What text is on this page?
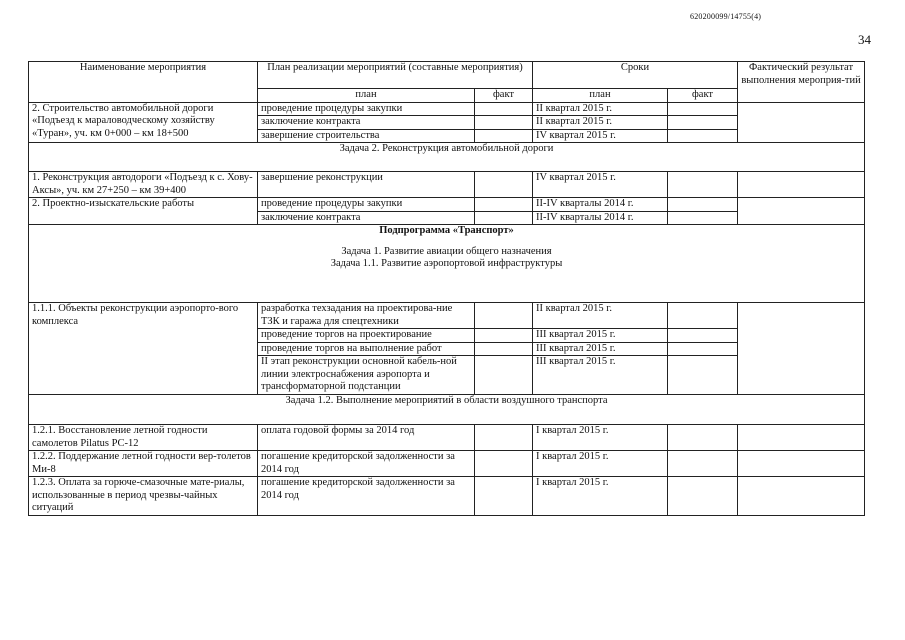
620200099/14755(4)
34
Наименование мероприятия	План реализации мероприятий (составные мероприятия)		Сроки		Фактический результат выполнения мероприя-тий
	план	факт	план	факт	
2. Строительство автомобильной дороги «Подъезд к мараловодческому хозяйству «Туран», уч. км 0+000 – км 18+500	проведение процедуры закупки		II квартал 2015 г.		
	заключение контракта		II квартал 2015 г.		
	завершение строительства		IV квартал 2015 г.		
Задача 2. Реконструкция автомобильной дороги					
1. Реконструкция автодороги «Подъезд к с. Хову-Аксы», уч. км 27+250 – км 39+400	завершение реконструкции		IV квартал 2015 г.		
2. Проектно-изыскательские работы	проведение процедуры закупки		II-IV кварталы 2014 г.		
	заключение контракта		II-IV кварталы 2014 г.		

Подпрограмма «Транспорт»
Задача 1. Развитие авиации общего назначения
Задача 1.1. Развитие аэропортовой инфраструктуры					

1.1.1. Объекты реконструкции аэропорто-вого комплекса	разработка техзадания на проектирова-ние ТЗК и гаража для спецтехники		II квартал 2015 г.		
	проведение торгов на проектирование		III квартал 2015 г.		
	проведение торгов на выполнение работ		III квартал 2015 г.		
	II этап реконструкции основной кабель-ной линии электроснабжения аэропорта и трансформаторной подстанции		III квартал 2015 г.		
Задача 1.2. Выполнение мероприятий в области воздушного транспорта					
1.2.1. Восстановление летной годности самолетов Pilatus PC-12	оплата годовой формы за 2014 год		I квартал 2015 г.		
1.2.2. Поддержание летной годности вер-толетов Ми-8	погашение кредиторской задолженности за 2014 год		I квартал 2015 г.		
1.2.3. Оплата за горюче-смазочные мате-риалы, использованные в период чрезвы-чайных ситуаций	погашение кредиторской задолженности за 2014 год		I квартал 2015 г.		
